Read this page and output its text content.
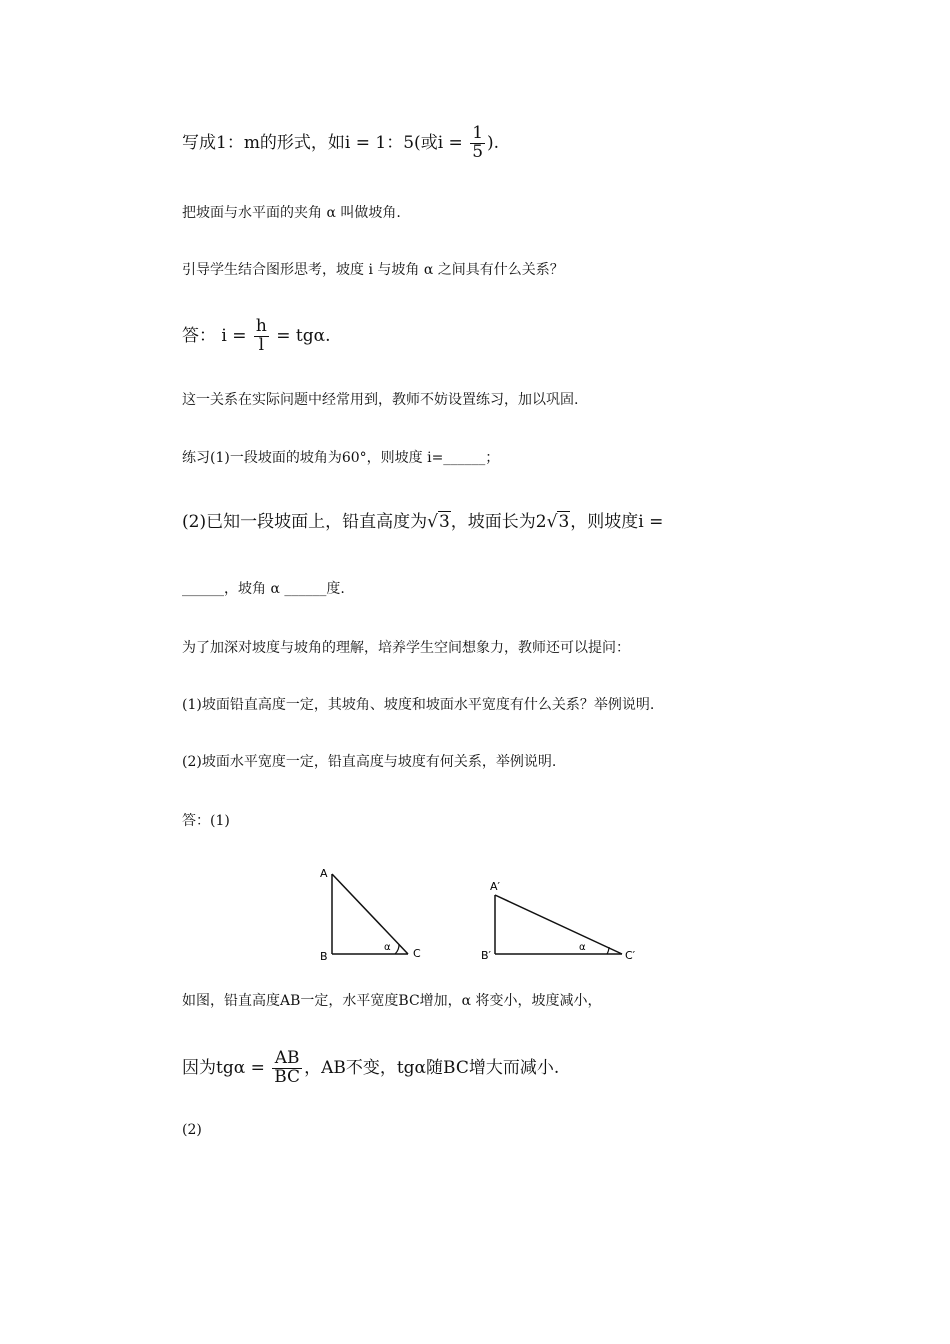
写成1：m的形式，如i = 1：5(或$i = \frac{1}{5}$ ).
把坡面与水平面的夹角 α 叫做坡角.
引导学生结合图形思考，坡度 i 与坡角 α 之间具有什么关系？
答： $i = \frac{h}{l} = tg\alpha$.
这一关系在实际问题中经常用到，教师不妨设置练习，加以巩固.
练习(1)一段坡面的坡角为60°，则坡度 i=______；
(2)已知一段坡面上，铅直高度为√3，坡面长为2√3，则坡度i =
______，坡角 α ______度.
为了加深对坡度与坡角的理解，培养学生空间想象力，教师还可以提问：
(1)坡面铅直高度一定，其坡角、坡度和坡面水平宽度有什么关系？举例说明.
(2)坡面水平宽度一定，铅直高度与坡度有何关系，举例说明.
答：(1)
A
B	C
α
A′
B′	C′
α
如图，铅直高度AB一定，水平宽度BC增加，α 将变小，坡度减小，
因为$tg\alpha = \frac{AB}{BC}$ ，AB不变，tgα随BC增大而减小.
(2)
